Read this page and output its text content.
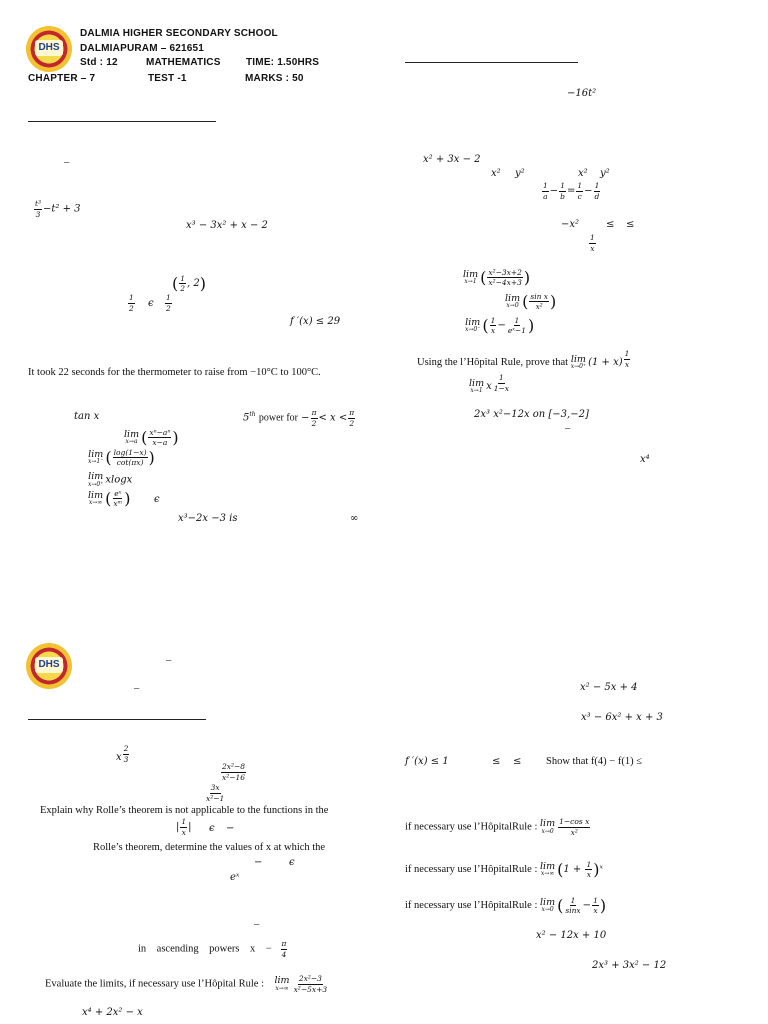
DHS
DALMIA HIGHER SECONDARY SCHOOL
DALMIAPURAM – 621651
Std : 12	MATHEMATICS	TIME: 1.50HRS
CHAPTER – 7	TEST -1	MARKS : 50
–
$\frac{\text{t³}}{3} -t^2 + 3$
x³ − 3x² + x − 2
( $\frac{1}{2}$ , 2)
$\frac{1}{2}$ ϵ $\frac{1}{2}$
f ′(x) ≤ 29
It took 22 seconds for the thermometer to raise from −10°C to 100°C.
tan x	5th power for − $\frac{\pi}{2} < x < \frac{\pi}{2}$
lim
x→a ( $\frac{\text{xⁿ−aⁿ}}{x-a}$ )
lim
x→1⁻ ( $\frac{\log(1-x)}{\cot(\pi x)}$ )
lim
x→0⁺ xlogx
lim
x→∞ ( $\frac{\text{eˣ}}{\text{xᵐ}}$ ) ϵ
x³−2x −3 is	∞
−16t²
x² + 3x − 2
x² y²	x² y²
$\frac{1}{a} - \frac{1}{b} = \frac{1}{c} - \frac{1}{d}$
−x²	≤ ≤
$\frac{1}{x}$
lim
x→1 ( $\frac{\text{x²−3x+2}}{\text{x²−4x+3}}$ )
lim
x→0 ( $\frac{\text{sin x}}{\text{x²}}$ )
lim
x→0⁻ ( $\frac{1}{x} - \frac{1}{\text{eˣ−1}}$ )
Using the l’Hôpital Rule, prove that lim
x→0⁺ (1 + x) $^{\frac{1}{x}}$
lim
x→1 x $^{\frac{1}{1-x}}$
2x³ x²−12x on [−3,−2]
–
x⁴
DHS	–
–	x² − 5x + 4
x³ − 6x² + x + 3
x $^{\frac{2}{3}}$
$\frac{\text{2x²−8}}{\text{x²−16}}$
$\frac{3x}{\text{x²−1}}$
f ′(x) ≤ 1	≤ ≤ Show that f(4) − f(1) ≤
Explain why Rolle’s theorem is not applicable to the functions in the
| $\frac{1}{x}$ | ϵ −	if necessary use l’HôpitalRule : lim
$x\to 0 \frac{\text{1−cos x}}{\text{x²}}$
Rolle’s theorem, determine the values of x at which the
−	ϵ
eˣ
if necessary use l’HôpitalRule : lim
x→∞ ($1 + \frac{1}{x}$ )ˣ
if necessary use l’HôpitalRule : lim
x→0 ( $\frac{1}{\sin x} - \frac{1}{x}$ )
–
x² − 12x + 10
in    ascending    powers    x    − $\frac{\pi}{4}$
2x³ + 3x² − 12
Evaluate the limits, if necessary use l’Hôpital Rule : lim
$x\to\infty \frac{\text{2x²−3}}{\text{x²−5x+3}}$
x⁴ + 2x² − x
